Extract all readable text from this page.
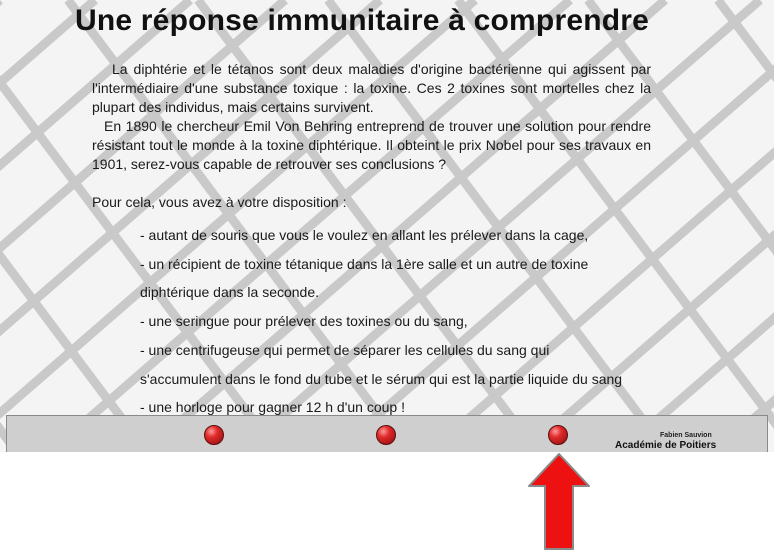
Une réponse immunitaire à comprendre

La diphtérie et le tétanos sont deux maladies d'origine bactérienne qui agissent par l'intermédiaire d'une substance toxique : la toxine. Ces 2 toxines sont mortelles chez la plupart des individus, mais certains survivent.

En 1890 le chercheur Emil Von Behring entreprend de trouver une solution pour rendre résistant tout le monde à la toxine diphtérique. Il obteint le prix Nobel pour ses travaux en 1901, serez-vous capable de retrouver ses conclusions ?

Pour cela, vous avez à votre disposition :
- autant de souris que vous le voulez en allant les prélever dans la cage,
- un récipient de toxine tétanique dans la 1ère salle et un autre de toxine
diphtérique dans la seconde.
- une seringue pour prélever des toxines ou du sang,
- une centrifugeuse qui permet de séparer les cellules du sang qui
s'accumulent dans le fond du tube et le sérum qui est la partie liquide du sang
- une horloge pour gagner 12 h d'un coup !
Fabien Sauvion
Académie de Poitiers
